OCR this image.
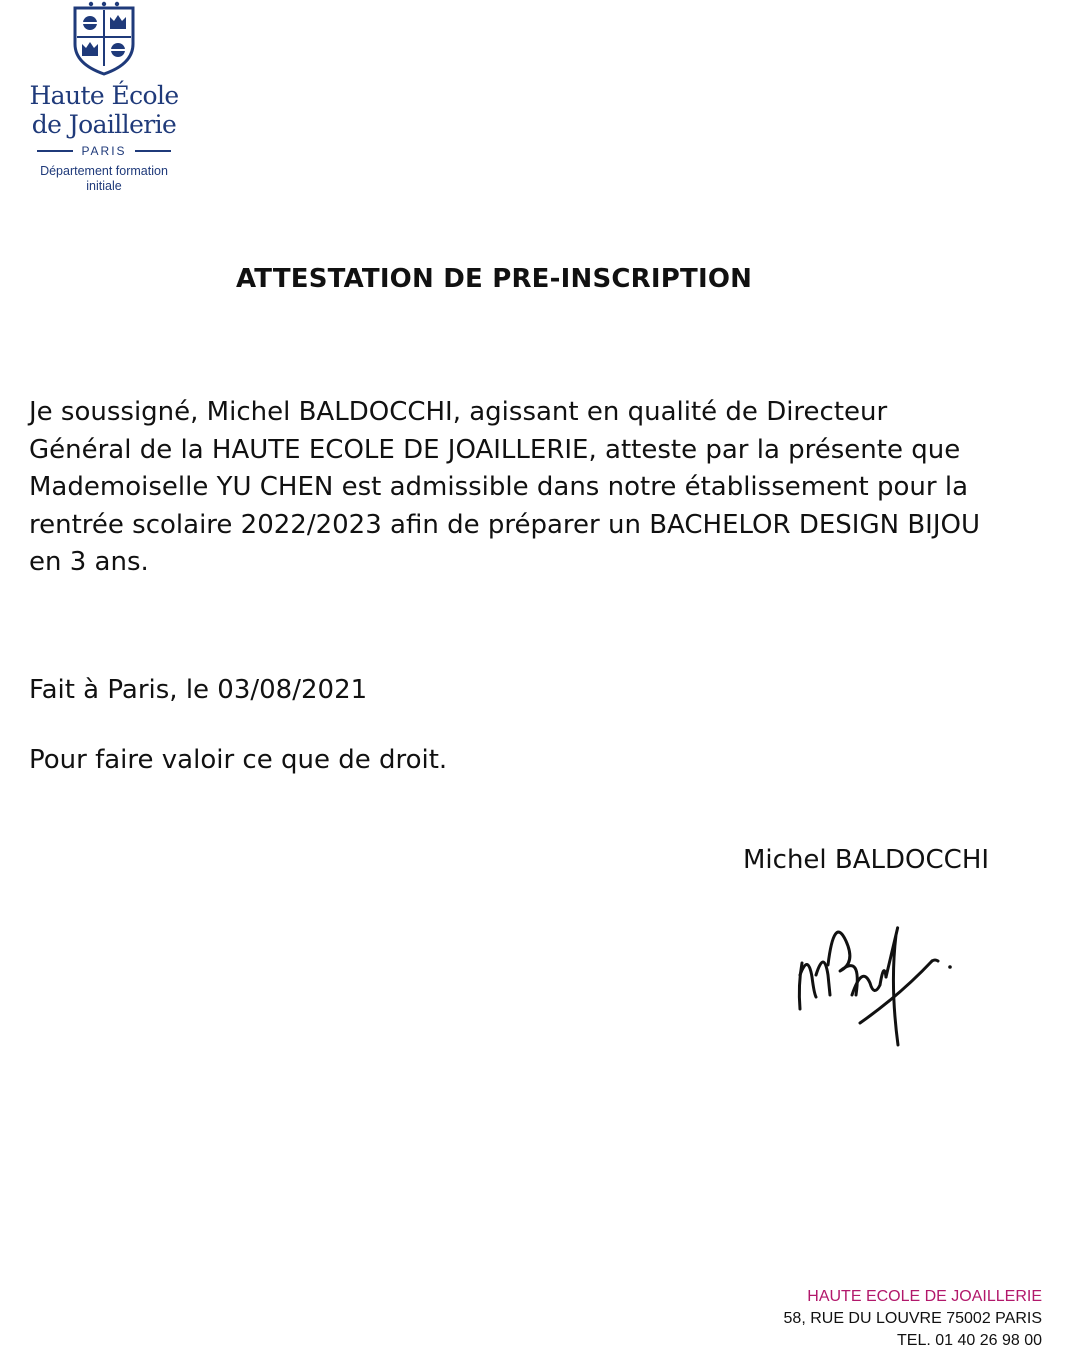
Haute École
de Joaillerie
PARIS
Département formation
initiale
ATTESTATION DE PRE-INSCRIPTION
Je soussigné, Michel BALDOCCHI, agissant en qualité de Directeur
Général de la HAUTE ECOLE DE JOAILLERIE, atteste par la présente que
Mademoiselle YU CHEN est admissible dans notre établissement pour la
rentrée scolaire 2022/2023 afin de préparer un BACHELOR DESIGN BIJOU
en 3 ans.
Fait à Paris, le 03/08/2021
Pour faire valoir ce que de droit.
Michel BALDOCCHI
HAUTE ECOLE DE JOAILLERIE
58, RUE DU LOUVRE 75002 PARIS
TEL. 01 40 26 98 00
